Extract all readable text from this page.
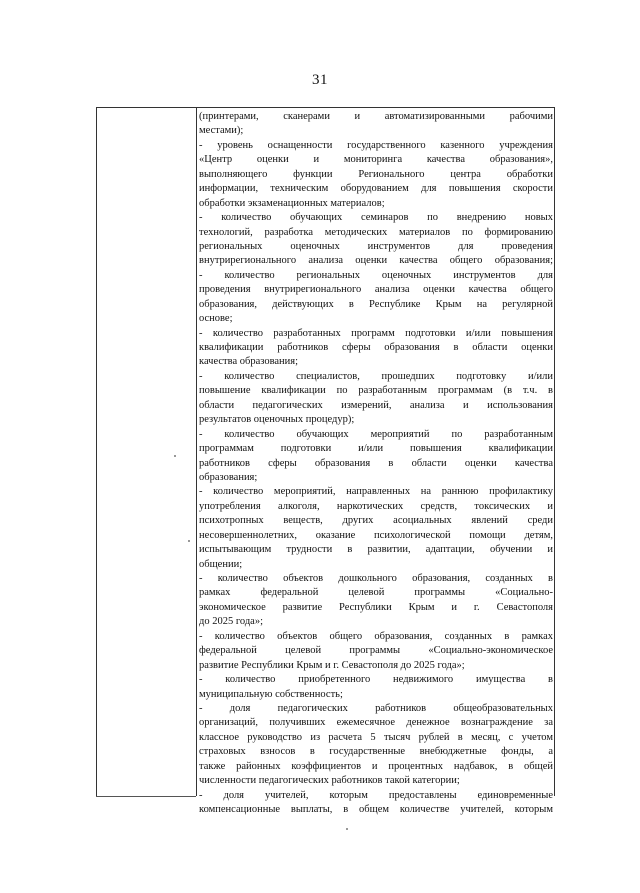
31
(принтерами, сканерами и автоматизированными рабочими
местами);
- уровень оснащенности государственного казенного учреждения
«Центр оценки и мониторинга качества образования»,
выполняющего функции Регионального центра обработки
информации, техническим оборудованием для повышения скорости
обработки экзаменационных материалов;
- количество обучающих семинаров по внедрению новых
технологий, разработка методических материалов по формированию
региональных оценочных инструментов для проведения
внутрирегионального анализа оценки качества общего образования;
- количество региональных оценочных инструментов для
проведения внутрирегионального анализа оценки качества общего
образования, действующих в Республике Крым на регулярной
основе;
- количество разработанных программ подготовки и/или повышения
квалификации работников сферы образования в области оценки
качества образования;
- количество специалистов, прошедших подготовку и/или
повышение квалификации по разработанным программам (в т.ч. в
области педагогических измерений, анализа и использования
результатов оценочных процедур);
- количество обучающих мероприятий по разработанным
программам подготовки и/или повышения квалификации
работников сферы образования в области оценки качества
образования;
- количество мероприятий, направленных на раннюю профилактику
употребления алкоголя, наркотических средств, токсических и
психотропных веществ, других асоциальных явлений среди
несовершеннолетних, оказание психологической помощи детям,
испытывающим трудности в развитии, адаптации, обучении и
общении;
- количество объектов дошкольного образования, созданных в
рамках федеральной целевой программы «Социально-
экономическое развитие Республики Крым и г. Севастополя
до 2025 года»;
- количество объектов общего образования, созданных в рамках
федеральной целевой программы «Социально-экономическое
развитие Республики Крым и г. Севастополя до 2025 года»;
- количество приобретенного недвижимого имущества в
муниципальную собственность;
- доля педагогических работников общеобразовательных
организаций, получивших ежемесячное денежное вознаграждение за
классное руководство из расчета 5 тысяч рублей в месяц, с учетом
страховых взносов в государственные внебюджетные фонды, а
также районных коэффициентов и процентных надбавок, в общей
численности педагогических работников такой категории;
- доля учителей, которым предоставлены единовременные
компенсационные выплаты, в общем количестве учителей, которым
